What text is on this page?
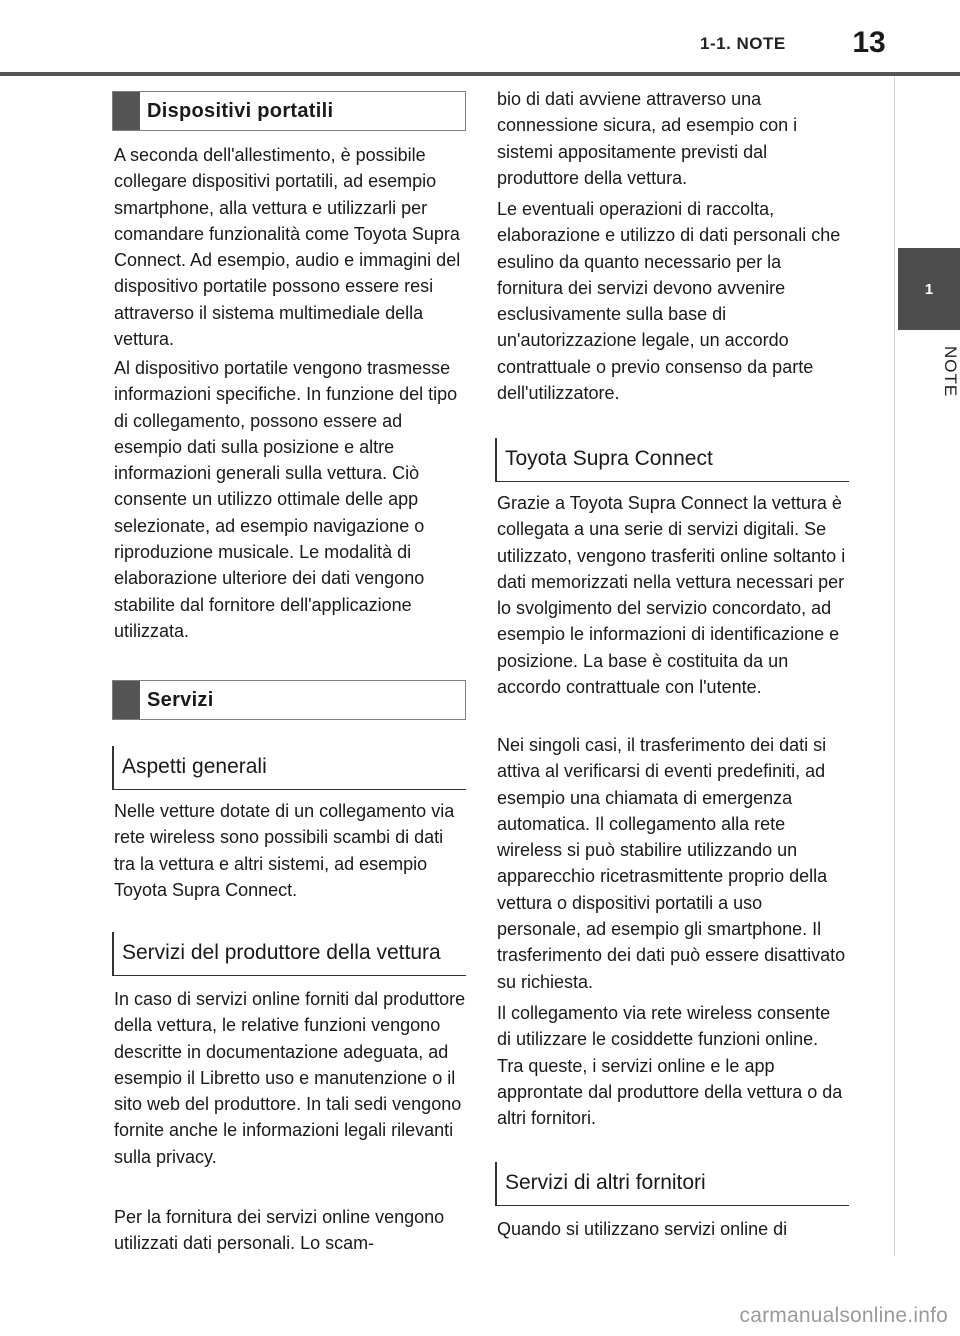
1-1. NOTE	13
1
NOTE
Dispositivi portatili

A seconda dell'allestimento, è possibile collegare dispositivi portatili, ad esempio smartphone, alla vettura e utilizzarli per comandare funzionalità come Toyota Supra Connect. Ad esempio, audio e immagini del dispositivo portatile possono essere resi attraverso il sistema multimediale della vettura.

Al dispositivo portatile vengono trasmesse informazioni specifiche. In funzione del tipo di collegamento, possono essere ad esempio dati sulla posizione e altre informazioni generali sulla vettura. Ciò consente un utilizzo ottimale delle app selezionate, ad esempio navigazione o riproduzione musicale. Le modalità di elaborazione ulteriore dei dati vengono stabilite dal fornitore dell'applicazione utilizzata.

Servizi
Aspetti generali

Nelle vetture dotate di un collegamento via rete wireless sono possibili scambi di dati tra la vettura e altri sistemi, ad esempio Toyota Supra Connect.

Servizi del produttore della vettura

In caso di servizi online forniti dal produttore della vettura, le relative funzioni vengono descritte in documentazione adeguata, ad esempio il Libretto uso e manutenzione o il sito web del produttore. In tali sedi vengono fornite anche le informazioni legali rilevanti sulla privacy.

Per la fornitura dei servizi online vengono utilizzati dati personali. Lo scam-

bio di dati avviene attraverso una connessione sicura, ad esempio con i sistemi appositamente previsti dal produttore della vettura.

Le eventuali operazioni di raccolta, elaborazione e utilizzo di dati personali che esulino da quanto necessario per la fornitura dei servizi devono avvenire esclusivamente sulla base di un'autorizzazione legale, un accordo contrattuale o previo consenso da parte dell'utilizzatore.

Toyota Supra Connect

Grazie a Toyota Supra Connect la vettura è collegata a una serie di servizi digitali. Se utilizzato, vengono trasferiti online soltanto i dati memorizzati nella vettura necessari per lo svolgimento del servizio concordato, ad esempio le informazioni di identificazione e posizione. La base è costituita da un accordo contrattuale con l'utente.

Nei singoli casi, il trasferimento dei dati si attiva al verificarsi di eventi predefiniti, ad esempio una chiamata di emergenza automatica. Il collegamento alla rete wireless si può stabilire utilizzando un apparecchio ricetrasmittente proprio della vettura o dispositivi portatili a uso personale, ad esempio gli smartphone. Il trasferimento dei dati può essere disattivato su richiesta.

Il collegamento via rete wireless consente di utilizzare le cosiddette funzioni online. Tra queste, i servizi online e le app approntate dal produttore della vettura o da altri fornitori.

Servizi di altri fornitori

Quando si utilizzano servizi online di

carmanualsonline.info
